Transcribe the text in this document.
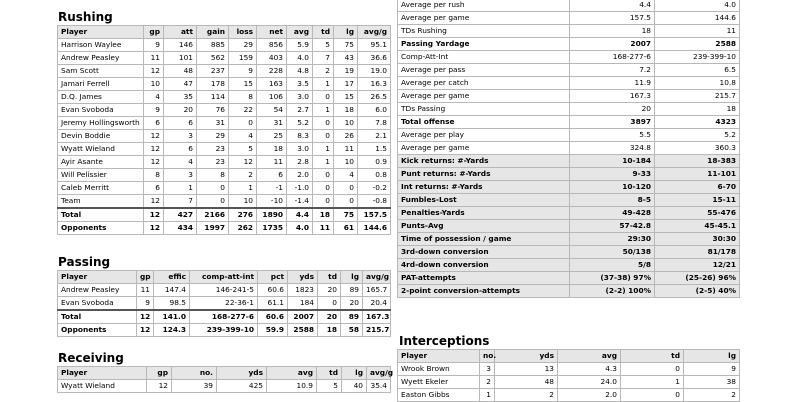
Rushing
Player	gp	att	gain	loss	net	avg	td	lg	avg/g
Harrison Waylee	9	146	885	29	856	5.9	5	75	95.1
Andrew Peasley	11	101	562	159	403	4.0	7	43	36.6
Sam Scott	12	48	237	9	228	4.8	2	19	19.0
Jamari Ferrell	10	47	178	15	163	3.5	1	17	16.3
D.Q. James	4	35	114	8	106	3.0	0	15	26.5
Evan Svoboda	9	20	76	22	54	2.7	1	18	6.0
Jeremy Hollingsworth	6	6	31	0	31	5.2	0	10	7.8
Devin Boddie	12	3	29	4	25	8.3	0	26	2.1
Wyatt Wieland	12	6	23	5	18	3.0	1	11	1.5
Ayir Asante	12	4	23	12	11	2.8	1	10	0.9
Will Pelissier	8	3	8	2	6	2.0	0	4	0.8
Caleb Merritt	6	1	0	1	-1	-1.0	0	0	-0.2
Team	12	7	0	10	-10	-1.4	0	0	-0.8
Total	12	427	2166	276	1890	4.4	18	75	157.5
Opponents	12	434	1997	262	1735	4.0	11	61	144.6
Passing
Player	gp	effic	comp-att-int	pct	yds	td	lg	avg/g
Andrew Peasley	11	147.4	146-241-5	60.6	1823	20	89	165.7
Evan Svoboda	9	98.5	22-36-1	61.1	184	0	20	20.4
Total	12	141.0	168-277-6	60.6	2007	20	89	167.3
Opponents	12	124.3	239-399-10	59.9	2588	18	58	215.7
Receiving
Player	gp	no.	yds	avg	td	lg	avg/g
Wyatt Wieland	12	39	425	10.9	5	40	35.4
Average per rush	4.4	4.0
Average per game	157.5	144.6
TDs Rushing	18	11
Passing Yardage	2007	2588
Comp-Att-Int	168-277-6	239-399-10
Average per pass	7.2	6.5
Average per catch	11.9	10.8
Average per game	167.3	215.7
TDs Passing	20	18
Total offense	3897	4323
Average per play	5.5	5.2
Average per game	324.8	360.3
Kick returns: #-Yards	10-184	18-383
Punt returns: #-Yards	9-33	11-101
Int returns: #-Yards	10-120	6-70
Fumbles-Lost	8-5	15-11
Penalties-Yards	49-428	55-476
Punts-Avg	57-42.8	45-45.1
Time of possession / game	29:30	30:30
3rd-down conversion	50/138	81/178
4rd-down conversion	5/8	12/21
PAT-attempts	(37-38) 97%	(25-26) 96%
2-point conversion-attempts	(2-2) 100%	(2-5) 40%
Interceptions
Player	no.	yds	avg	td	lg
Wrook Brown	3	13	4.3	0	9
Wyett Ekeler	2	48	24.0	1	38
Easton Gibbs	1	2	2.0	0	2
